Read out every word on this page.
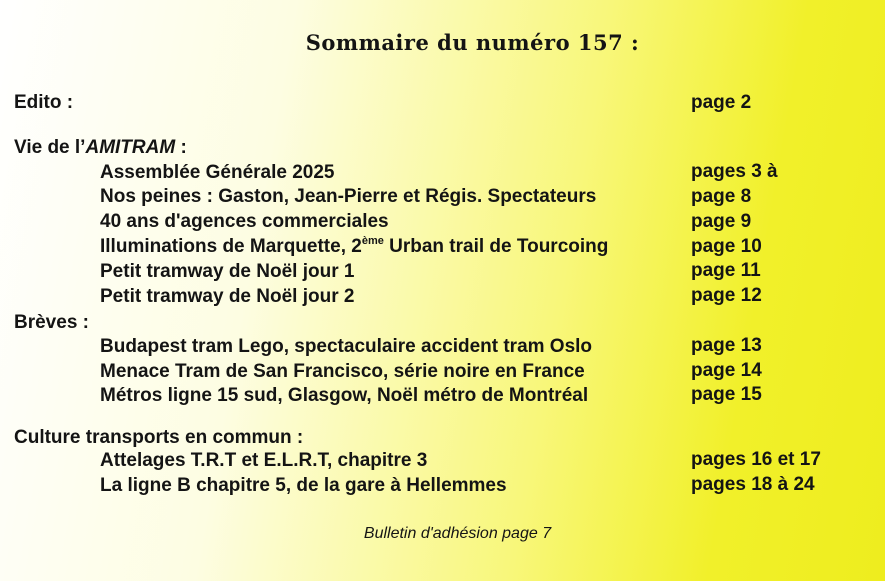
Sommaire du numéro 157 :
Edito :	page 2
Vie de l’AMITRAM :
Assemblée Générale 2025	pages 3 à
Nos peines : Gaston, Jean-Pierre et Régis. Spectateurs	page 8
40 ans d'agences commerciales	page 9
Illuminations de Marquette, 2ème Urban trail de Tourcoing	page 10
Petit tramway de Noël jour 1	page 11
Petit tramway de Noël jour 2	page 12
Brèves :
Budapest tram Lego, spectaculaire accident tram Oslo	page 13
Menace Tram de San Francisco, série noire en France	page 14
Métros ligne 15 sud, Glasgow, Noël métro de Montréal	page 15
Culture transports en commun :
Attelages T.R.T et E.L.R.T, chapitre 3	pages 16 et 17
La ligne B chapitre 5, de la gare à Hellemmes	pages 18 à 24
Bulletin d'adhésion page 7
